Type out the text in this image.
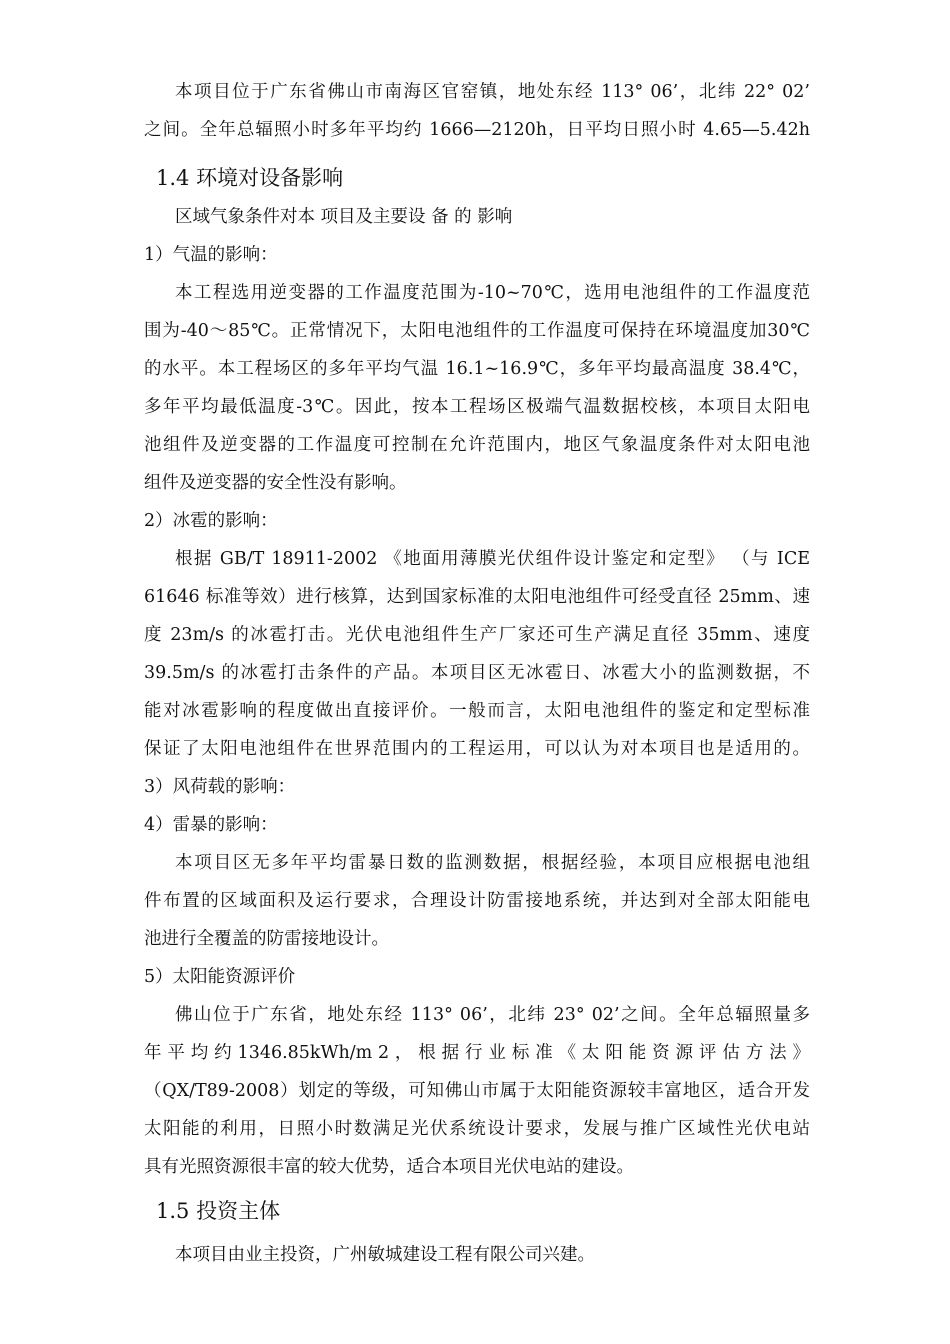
本项目位于广东省佛山市南海区官窑镇，地处东经 113° 06’，北纬 22° 02’
之间。全年总辐照小时多年平均约 1666—2120h，日平均日照小时 4.65—5.42h
1.4 环境对设备影响
区域气象条件对本 项目及主要设 备 的 影响
1）气温的影响：
本工程选用逆变器的工作温度范围为-10~70℃，选用电池组件的工作温度范
围为-40～85℃。正常情况下，太阳电池组件的工作温度可保持在环境温度加30℃
的水平。本工程场区的多年平均气温 16.1~16.9℃，多年平均最高温度 38.4℃，
多年平均最低温度-3℃。因此，按本工程场区极端气温数据校核，本项目太阳电
池组件及逆变器的工作温度可控制在允许范围内，地区气象温度条件对太阳电池
组件及逆变器的安全性没有影响。
2）冰雹的影响：
根据 GB/T 18911-2002 《地面用薄膜光伏组件设计鉴定和定型》 （与 ICE
61646 标准等效）进行核算，达到国家标准的太阳电池组件可经受直径 25mm、速
度 23m/s 的冰雹打击。光伏电池组件生产厂家还可生产满足直径 35mm、速度
39.5m/s 的冰雹打击条件的产品。本项目区无冰雹日、冰雹大小的监测数据，不
能对冰雹影响的程度做出直接评价。一般而言，太阳电池组件的鉴定和定型标准
保证了太阳电池组件在世界范围内的工程运用，可以认为对本项目也是适用的。
3）风荷载的影响：
4）雷暴的影响：
本项目区无多年平均雷暴日数的监测数据，根据经验，本项目应根据电池组
件布置的区域面积及运行要求，合理设计防雷接地系统，并达到对全部太阳能电
池进行全覆盖的防雷接地设计。
5）太阳能资源评价
佛山位于广东省，地处东经 113° 06’，北纬 23° 02’之间。全年总辐照量多
年 平 均 约 1346.85kWh/m 2 ， 根 据 行 业 标 准 《 太 阳 能 资 源 评 估 方 法 》
（QX/T89-2008）划定的等级，可知佛山市属于太阳能资源较丰富地区，适合开发
太阳能的利用，日照小时数满足光伏系统设计要求，发展与推广区域性光伏电站
具有光照资源很丰富的较大优势，适合本项目光伏电站的建设。
1.5 投资主体
本项目由业主投资，广州敏城建设工程有限公司兴建。
